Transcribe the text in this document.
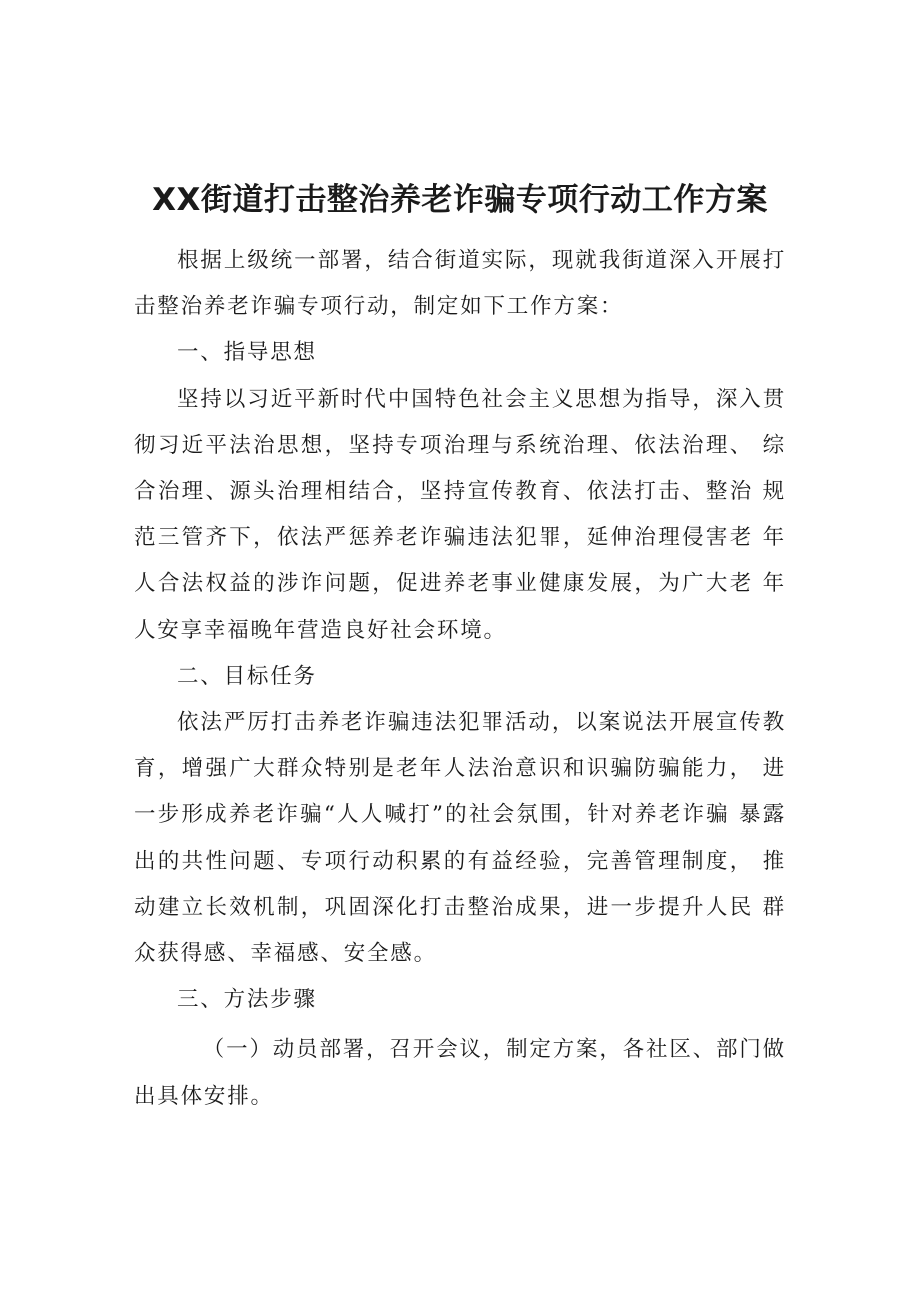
XX街道打击整治养老诈骗专项行动工作方案

根据上级统一部署，结合街道实际，现就我街道深入开展打击整治养老诈骗专项行动，制定如下工作方案：

一、指导思想

坚持以习近平新时代中国特色社会主义思想为指导，深入贯彻习近平法治思想，坚持专项治理与系统治理、依法治理、 综合治理、源头治理相结合，坚持宣传教育、依法打击、整治 规范三管齐下，依法严惩养老诈骗违法犯罪，延伸治理侵害老 年人合法权益的涉诈问题，促进养老事业健康发展，为广大老 年人安享幸福晚年营造良好社会环境。

二、目标任务

依法严厉打击养老诈骗违法犯罪活动，以案说法开展宣传教育，增强广大群众特别是老年人法治意识和识骗防骗能力， 进一步形成养老诈骗“人人喊打”的社会氛围，针对养老诈骗 暴露出的共性问题、专项行动积累的有益经验，完善管理制度， 推动建立长效机制，巩固深化打击整治成果，进一步提升人民 群众获得感、幸福感、安全感。

三、方法步骤

（一）动员部署，召开会议，制定方案，各社区、部门做出具体安排。
